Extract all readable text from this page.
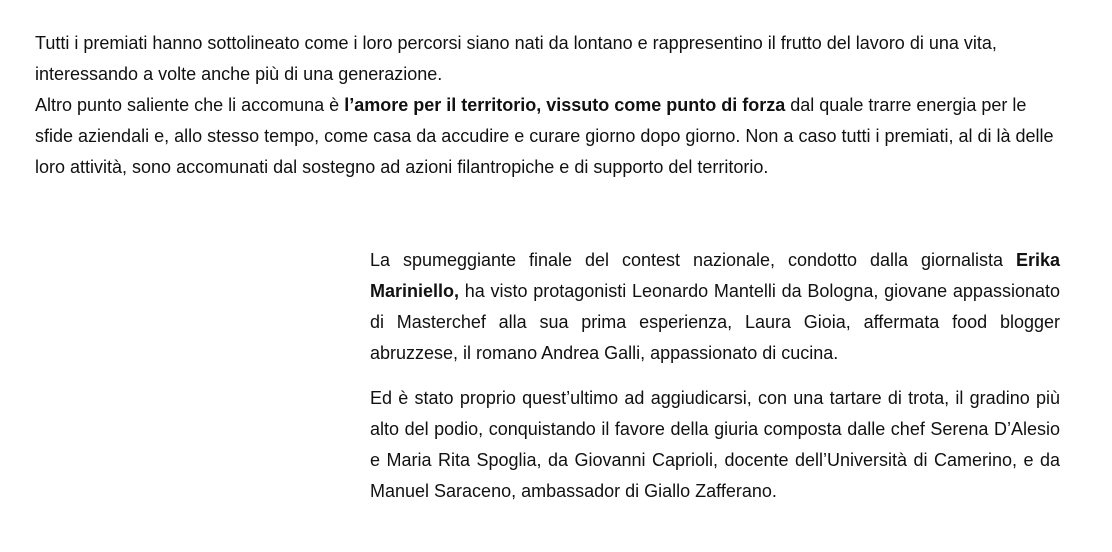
Tutti i premiati hanno sottolineato come i loro percorsi siano nati da lontano e rappresentino il frutto del lavoro di una vita, interessando a volte anche più di una generazione.

Altro punto saliente che li accomuna è l’amore per il territorio, vissuto come punto di forza dal quale trarre energia per le sfide aziendali e, allo stesso tempo, come casa da accudire e curare giorno dopo giorno. Non a caso tutti i premiati, al di là delle loro attività, sono accomunati dal sostegno ad azioni filantropiche e di supporto del territorio.

La spumeggiante finale del contest nazionale, condotto dalla giornalista Erika Mariniello, ha visto protagonisti Leonardo Mantelli da Bologna, giovane appassionato di Masterchef alla sua prima esperienza, Laura Gioia, affermata food blogger abruzzese, il romano Andrea Galli, appassionato di cucina.

Ed è stato proprio quest’ultimo ad aggiudicarsi, con una tartare di trota, il gradino più alto del podio, conquistando il favore della giuria composta dalle chef Serena D’Alesio e Maria Rita Spoglia, da Giovanni Caprioli, docente dell’Università di Camerino, e da Manuel Saraceno, ambassador di Giallo Zafferano.
